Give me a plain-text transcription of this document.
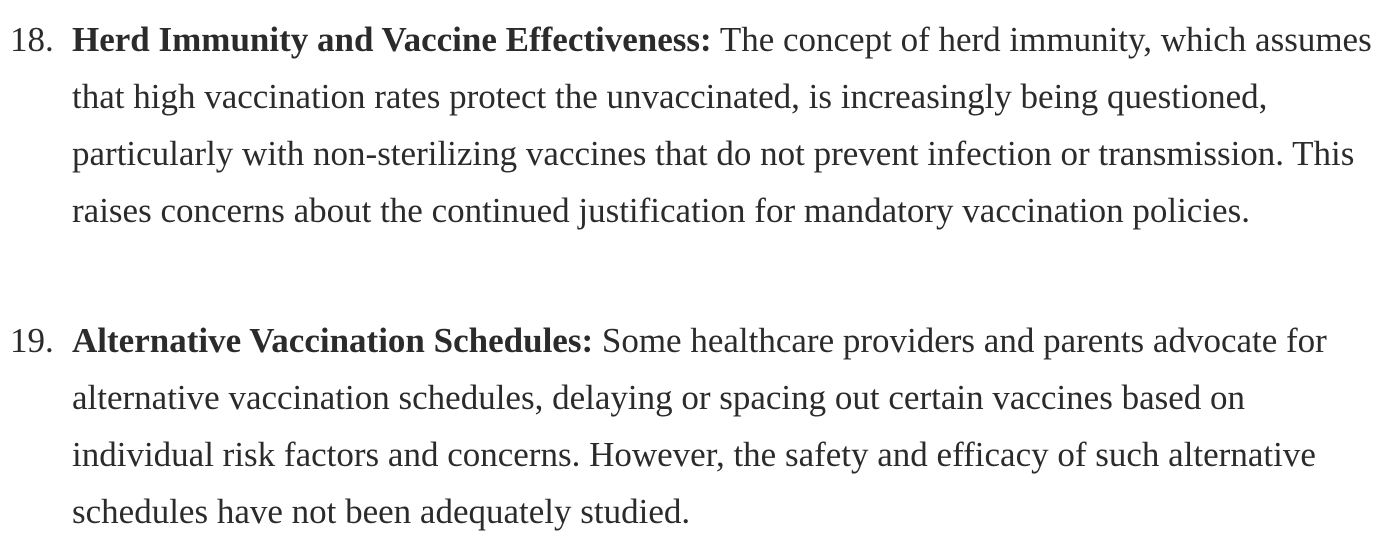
18. Herd Immunity and Vaccine Effectiveness: The concept of herd immunity, which assumes that high vaccination rates protect the unvaccinated, is increasingly being questioned, particularly with non-sterilizing vaccines that do not prevent infection or transmission. This raises concerns about the continued justification for mandatory vaccination policies.
19. Alternative Vaccination Schedules: Some healthcare providers and parents advocate for alternative vaccination schedules, delaying or spacing out certain vaccines based on individual risk factors and concerns. However, the safety and efficacy of such alternative schedules have not been adequately studied.
